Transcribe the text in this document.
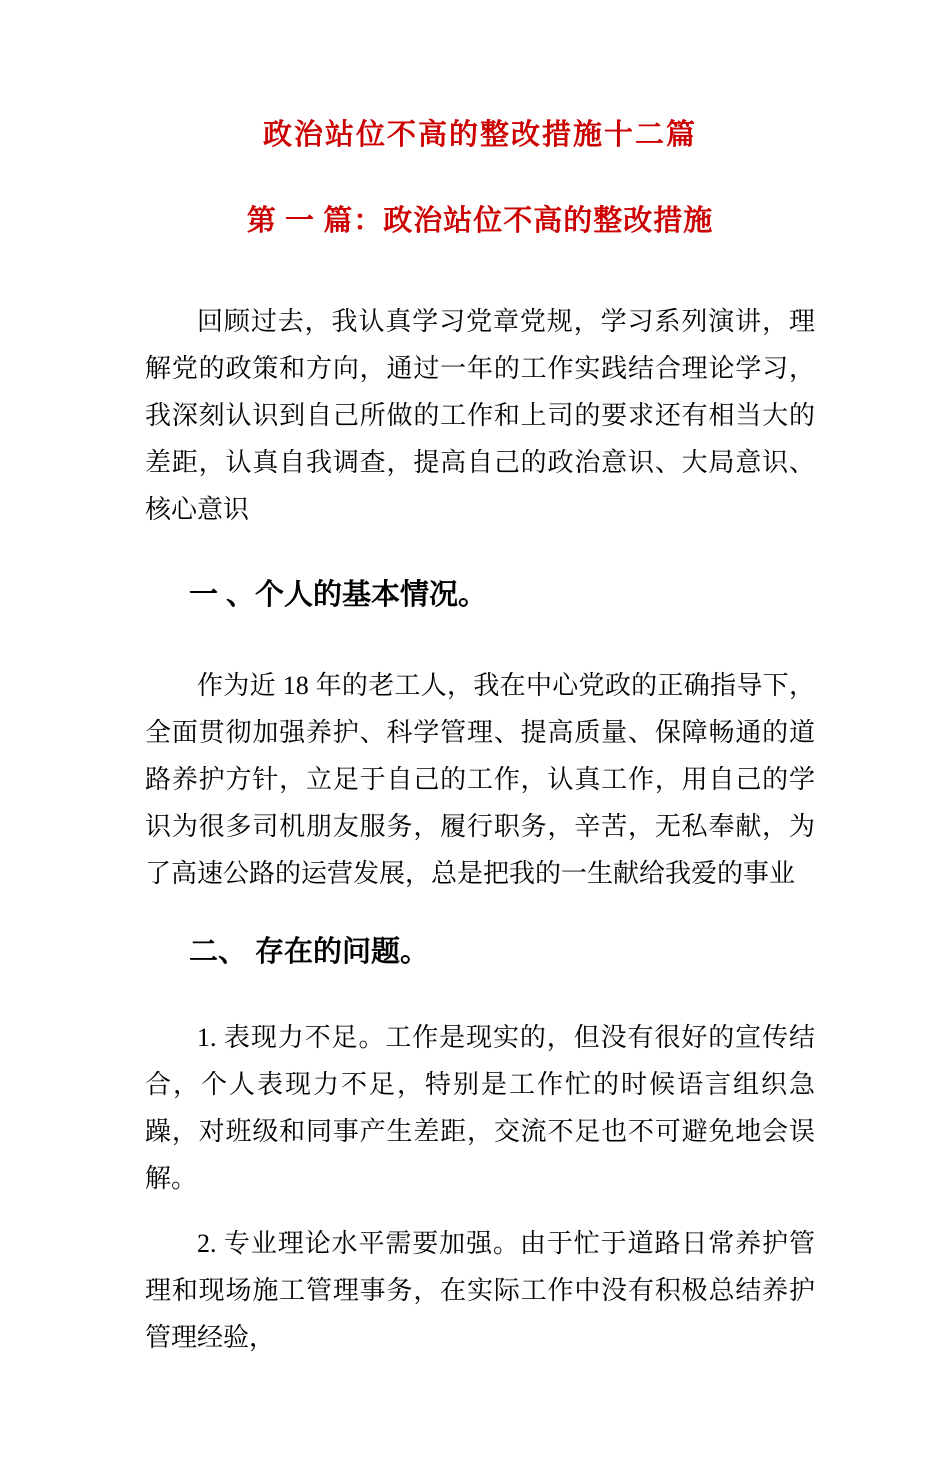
政治站位不高的整改措施十二篇
第 一 篇：政治站位不高的整改措施

回顾过去，我认真学习党章党规，学习系列演讲，理解党的政策和方向，通过一年的工作实践结合理论学习，我深刻认识到自己所做的工作和上司的要求还有相当大的差距，认真自我调查，提高自己的政治意识、大局意识、核心意识

一 、个人的基本情况。

作为近 18 年的老工人，我在中心党政的正确指导下，全面贯彻加强养护、科学管理、提高质量、保障畅通的道路养护方针，立足于自己的工作，认真工作，用自己的学识为很多司机朋友服务，履行职务，辛苦，无私奉献，为了高速公路的运营发展，总是把我的一生献给我爱的事业

二、 存在的问题。

1. 表现力不足。工作是现实的，但没有很好的宣传结合，个人表现力不足，特别是工作忙的时候语言组织急躁，对班级和同事产生差距，交流不足也不可避免地会误解。

2. 专业理论水平需要加强。由于忙于道路日常养护管理和现场施工管理事务，在实际工作中没有积极总结养护管理经验，
